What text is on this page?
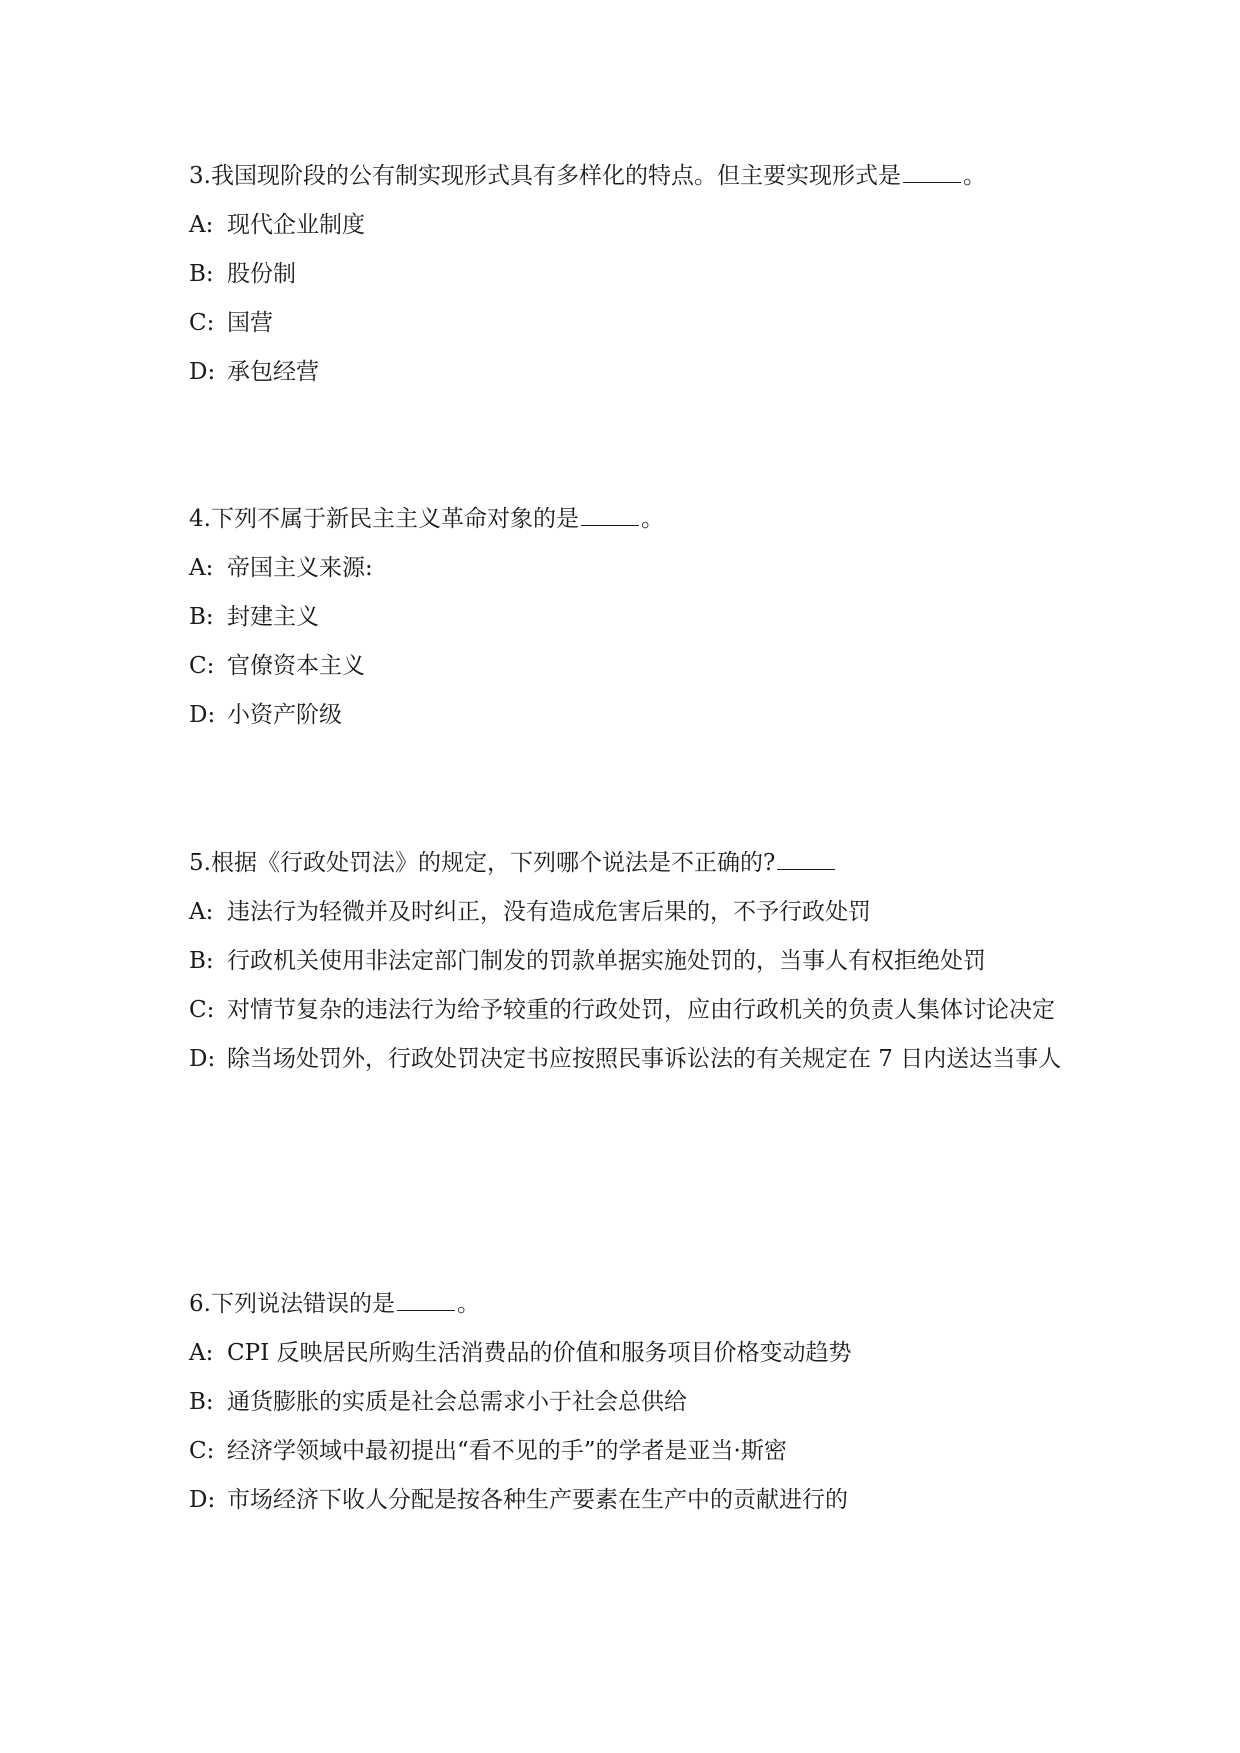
3.我国现阶段的公有制实现形式具有多样化的特点。但主要实现形式是	。

A: 现代企业制度

B: 股份制

C: 国营

D: 承包经营

4.下列不属于新民主主义革命对象的是	。

A: 帝国主义来源:

B: 封建主义

C: 官僚资本主义

D: 小资产阶级

5.根据《行政处罚法》的规定，下列哪个说法是不正确的?

A: 违法行为轻微并及时纠正，没有造成危害后果的，不予行政处罚

B: 行政机关使用非法定部门制发的罚款单据实施处罚的，当事人有权拒绝处罚

C: 对情节复杂的违法行为给予较重的行政处罚，应由行政机关的负责人集体讨论决定

D: 除当场处罚外，行政处罚决定书应按照民事诉讼法的有关规定在 7 日内送达当事人

6.下列说法错误的是	。

A: CPI 反映居民所购生活消费品的价值和服务项目价格变动趋势

B: 通货膨胀的实质是社会总需求小于社会总供给

C: 经济学领域中最初提出“看不见的手”的学者是亚当·斯密

D: 市场经济下收人分配是按各种生产要素在生产中的贡献进行的
